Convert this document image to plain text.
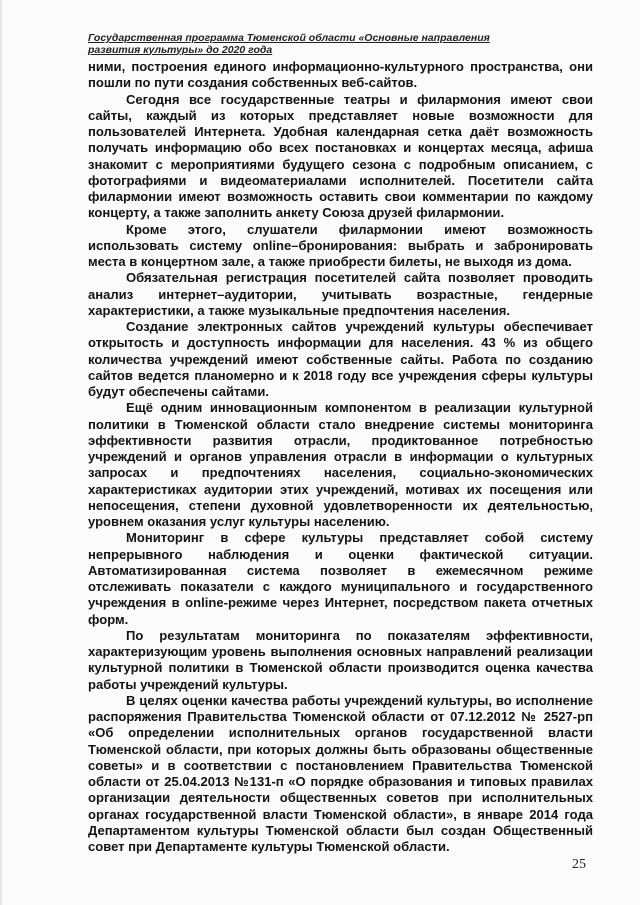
Государственная программа Тюменской области «Основные направления
развития культуры» до 2020 года

ними, построения единого информационно-культурного пространства, они пошли по пути создания собственных веб-сайтов.

Сегодня все государственные театры и филармония имеют свои сайты, каждый из которых представляет новые возможности для пользователей Интернета. Удобная календарная сетка даёт возможность получать информацию обо всех постановках и концертах месяца, афиша знакомит с мероприятиями будущего сезона с подробным описанием, с фотографиями и видеоматериалами исполнителей. Посетители сайта филармонии имеют возможность оставить свои комментарии по каждому концерту, а также заполнить анкету Союза друзей филармонии.

Кроме этого, слушатели филармонии имеют возможность использовать систему online–бронирования: выбрать и забронировать места в концертном зале, а также приобрести билеты, не выходя из дома.

Обязательная регистрация посетителей сайта позволяет проводить анализ интернет–аудитории, учитывать возрастные, гендерные характеристики, а также музыкальные предпочтения населения.

Создание электронных сайтов учреждений культуры обеспечивает открытость и доступность информации для населения. 43 % из общего количества учреждений имеют собственные сайты. Работа по созданию сайтов ведется планомерно и к 2018 году все учреждения сферы культуры будут обеспечены сайтами.

Ещё одним инновационным компонентом в реализации культурной политики в Тюменской области стало внедрение системы мониторинга эффективности развития отрасли, продиктованное потребностью учреждений и органов управления отрасли в информации о культурных запросах и предпочтениях населения, социально-экономических характеристиках аудитории этих учреждений, мотивах их посещения или непосещения, степени духовной удовлетворенности их деятельностью, уровнем оказания услуг культуры населению.

Мониторинг в сфере культуры представляет собой систему непрерывного наблюдения и оценки фактической ситуации. Автоматизированная система позволяет в ежемесячном режиме отслеживать показатели с каждого муниципального и государственного учреждения в online-режиме через Интернет, посредством пакета отчетных форм.

По результатам мониторинга по показателям эффективности, характеризующим уровень выполнения основных направлений реализации культурной политики в Тюменской области производится оценка качества работы учреждений культуры.

В целях оценки качества работы учреждений культуры, во исполнение распоряжения Правительства Тюменской области от 07.12.2012 № 2527-рп «Об определении исполнительных органов государственной власти Тюменской области, при которых должны быть образованы общественные советы» и в соответствии с постановлением Правительства Тюменской области от 25.04.2013 №131-п «О порядке образования и типовых правилах организации деятельности общественных советов при исполнительных органах государственной власти Тюменской области», в январе 2014 года Департаментом культуры Тюменской области был создан Общественный совет при Департаменте культуры Тюменской области.

25
